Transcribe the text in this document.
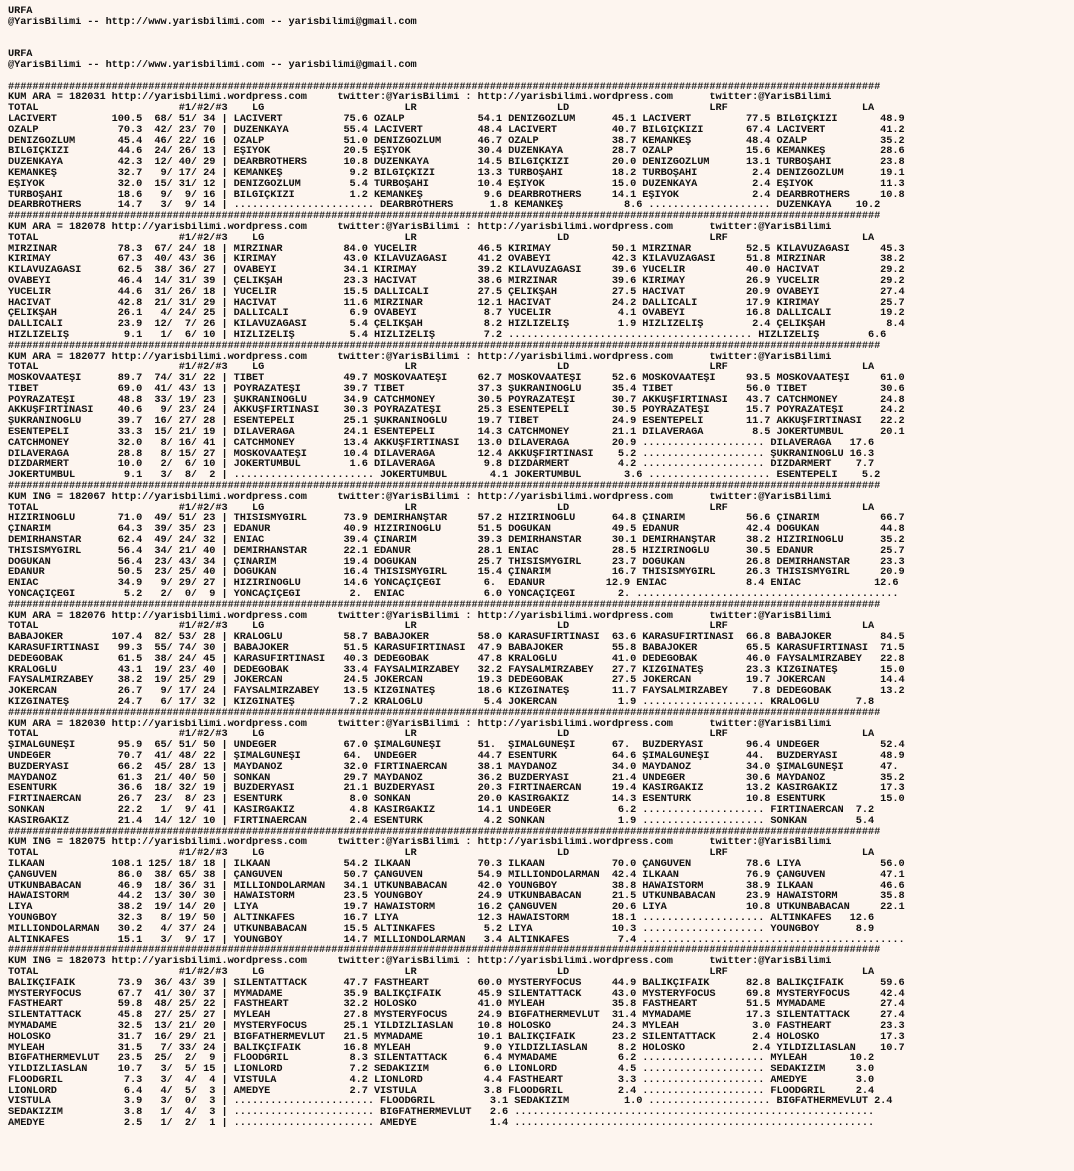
URFA
@YarisBilimi -- http://www.yarisbilimi.com -- yarisbilimi@gmail.com
URFA
@YarisBilimi -- http://www.yarisbilimi.com -- yarisbilimi@gmail.com
###############################################################################################################################################
KUM ARA = 182031 http://yarisbilimi.wordpress.com     twitter:@YarisBilimi : http://yarisbilimi.wordpress.com      twitter:@YarisBilimi
TOTAL                       #1/#2/#3    LG                       LR                       LD                       LRF                      LA
LACİVERT         100.5  68/ 51/ 34 | LACİVERT          75.6 ÖZALP            54.1 DENİZGÖZLÜM      45.1 LACİVERT         77.5 BİLGİÇKIZI       48.9
ÖZALP             70.3  42/ 23/ 70 | DÜZENKAYA         55.4 LACİVERT         48.4 LACİVERT         40.7 BİLGİÇKIZI       67.4 LACİVERT         41.2
DENİZGÖZLÜM       45.4  46/ 22/ 16 | ÖZALP             51.0 DENİZGÖZLÜM      46.7 ÖZALP            38.7 KEMANKEŞ         48.4 ÖZALP            35.2
BİLGİÇKIZI        44.6  24/ 26/ 13 | EŞİYOK            20.5 EŞİYOK           30.4 DÜZENKAYA        28.7 ÖZALP            15.6 KEMANKEŞ         28.6
DÜZENKAYA         42.3  12/ 40/ 29 | DEARBROTHERS      10.8 DÜZENKAYA        14.5 BİLGİÇKIZI       20.0 DENİZGÖZLÜM      13.1 TURBOŞAHİ        23.8
KEMANKEŞ          32.7   9/ 17/ 24 | KEMANKEŞ           9.2 BİLGİÇKIZI       13.3 TURBOŞAHİ        18.2 TURBOŞAHİ         2.4 DENİZGÖZLÜM      19.1
EŞİYOK            32.0  15/ 31/ 12 | DENİZGÖZLÜM        5.4 TURBOŞAHİ        10.4 EŞİYOK           15.0 DÜZENKAYA         2.4 EŞİYOK           11.3
TURBOŞAHİ         18.6   9/  9/ 16 | BİLGİÇKIZI         1.2 KEMANKEŞ          9.6 DEARBROTHERS     14.1 EŞİYOK            2.4 DEARBROTHERS     10.8
DEARBROTHERS      14.7   3/  9/ 14 | ....................... DEARBROTHERS      1.8 KEMANKEŞ          8.6 .................... DÜZENKAYA    10.2
###############################################################################################################################################
KUM ARA = 182078 http://yarisbilimi.wordpress.com     twitter:@YarisBilimi : http://yarisbilimi.wordpress.com      twitter:@YarisBilimi
TOTAL                       #1/#2/#3    LG                       LR                       LD                       LRF                      LA
MIRZINAR          78.3  67/ 24/ 18 | MIRZINAR          84.0 YÜCELİR          46.5 KIRIMAY          50.1 MIRZINAR         52.5 KILAVUZAĞASI     45.3
KIRIMAY           67.3  40/ 43/ 36 | KIRIMAY           43.0 KILAVUZAĞASI     41.2 OVABEYİ          42.3 KILAVUZAĞASI     51.8 MIRZINAR         38.2
KILAVUZAĞASI      62.5  38/ 36/ 27 | OVABEYİ           34.1 KIRIMAY          39.2 KILAVUZAĞASI     39.6 YÜCELİR          40.0 HACIVAT          29.2
OVABEYİ           46.4  14/ 31/ 39 | ÇELİKŞAH          23.3 HACIVAT          38.6 MIRZINAR         39.6 KIRIMAY          26.9 YÜCELİR          29.2
YÜCELİR           44.6  31/ 26/ 18 | YÜCELİR           15.5 DALLICALI        27.5 ÇELİKŞAH         27.5 HACIVAT          20.9 OVABEYİ          27.4
HACIVAT           42.8  21/ 31/ 29 | HACIVAT           11.6 MIRZINAR         12.1 HACIVAT          24.2 DALLICALI        17.9 KIRIMAY          25.7
ÇELİKŞAH          26.1   4/ 24/ 25 | DALLICALI          6.9 OVABEYİ           8.7 YÜCELİR           4.1 OVABEYİ          16.8 DALLICALI        19.2
DALLICALI         23.9  12/  7/ 26 | KILAVUZAĞASI       5.4 ÇELİKŞAH          8.2 HIZLIZELİŞ        1.9 HIZLIZELİŞ        2.4 ÇELİKŞAH          8.4
HIZLIZELİŞ         9.1   1/  6/ 10 | HIZLIZELİŞ         5.4 HIZLIZELİŞ        7.2 ........................................ HIZLIZELİŞ        6.6
###############################################################################################################################################
KUM ARA = 182077 http://yarisbilimi.wordpress.com     twitter:@YarisBilimi : http://yarisbilimi.wordpress.com      twitter:@YarisBilimi
TOTAL                       #1/#2/#3    LG                       LR                       LD                       LRF                      LA
MOSKOVAATEŞİ      89.7  74/ 31/ 22 | TİBET             49.7 MOSKOVAATEŞİ     62.7 MOSKOVAATEŞİ     52.6 MOSKOVAATEŞİ     93.5 MOSKOVAATEŞİ     61.0
TİBET             69.0  41/ 43/ 13 | POYRAZATEŞİ       39.7 TİBET            37.3 ŞÜKRANİNOĞLU     35.4 TİBET            56.0 TİBET            30.6
POYRAZATEŞİ       48.8  33/ 19/ 23 | ŞÜKRANİNOĞLU      34.9 CATCHMONEY       30.5 POYRAZATEŞİ      30.7 AKKUŞFIRTINASI   43.7 CATCHMONEY       24.8
AKKUŞFIRTINASI    40.6   9/ 23/ 24 | AKKUŞFIRTINASI    30.3 POYRAZATEŞİ      25.3 ESENTEPELİ       30.5 POYRAZATEŞİ      15.7 POYRAZATEŞİ      24.2
ŞÜKRANİNOĞLU      39.7  16/ 27/ 28 | ESENTEPELİ        25.1 ŞÜKRANİNOĞLU     19.7 TİBET            24.9 ESENTEPELİ       11.7 AKKUŞFIRTINASI   22.2
ESENTEPELİ        33.3  15/ 21/ 19 | DİLAVERAĞA        24.1 ESENTEPELİ       14.3 CATCHMONEY       21.1 DİLAVERAĞA        8.5 JOKERTUMBUL      20.1
CATCHMONEY        32.0   8/ 16/ 41 | CATCHMONEY        13.4 AKKUŞFIRTINASI   13.0 DİLAVERAĞA       20.9 .................... DİLAVERAĞA   17.6
DİLAVERAĞA        28.8   8/ 15/ 27 | MOSKOVAATEŞİ      10.4 DİLAVERAĞA       12.4 AKKUŞFIRTINASI    5.2 .................... ŞÜKRANİNOĞLU 16.3
DİZDARMERT        10.0   2/  6/ 10 | JOKERTUMBUL        1.6 DİLAVERAĞA        9.8 DİZDARMERT        4.2 .................... DİZDARMERT    7.7
JOKERTUMBUL        9.1   3/  8/  2 | ....................... JOKERTUMBUL       4.1 JOKERTUMBUL       3.6 .................... ESENTEPELİ    5.2
###############################################################################################################################################
KUM İNG = 182067 http://yarisbilimi.wordpress.com     twitter:@YarisBilimi : http://yarisbilimi.wordpress.com      twitter:@YarisBilimi
TOTAL                       #1/#2/#3    LG                       LR                       LD                       LRF                      LA
HIZIRINOĞLU       71.0  49/ 51/ 23 | THISISMYGIRL      73.9 DEMİRHANŞTAR     57.2 HIZIRINOĞLU      64.8 ÇINARIM          56.6 ÇINARIM          66.7
ÇINARIM           64.3  39/ 35/ 23 | EDANUR            40.9 HIZIRINOĞLU      51.5 DOĞUKAN          49.5 EDANUR           42.4 DOĞUKAN          44.8
DEMİRHANSTAR      62.4  49/ 24/ 32 | ENİAC             39.4 ÇINARIM          39.3 DEMİRHANSTAR     30.1 DEMİRHANŞTAR     38.2 HIZIRINOĞLU      35.2
THISISMYGIRL      56.4  34/ 21/ 40 | DEMİRHANSTAR      22.1 EDANUR           28.1 ENİAC            28.5 HIZIRINOĞLU      30.5 EDANUR           25.7
DOĞUKAN           56.4  23/ 43/ 34 | ÇINARIM           19.4 DOĞUKAN          25.7 THISISMYGIRL     23.7 DOĞUKAN          26.8 DEMİRHANSTAR     23.3
EDANUR            50.5  23/ 25/ 40 | DOĞUKAN           16.4 THISISMYGIRL     15.4 ÇINARIM          16.7 THISISMYGIRL     26.3 THISISMYGIRL     20.9
ENİAC             34.9   9/ 29/ 27 | HIZIRINOĞLU       14.6 YONCAÇİÇEĞİ       6.  EDANUR          12.9 ENİAC             8.4 ENİAC            12.6
YONCAÇİÇEĞİ        5.2   2/  0/  9 | YONCAÇİÇEĞİ        2.  ENİAC             6.0 YONCAÇİÇEĞİ       2. ...........................................
###############################################################################################################################################
KUM ARA = 182076 http://yarisbilimi.wordpress.com     twitter:@YarisBilimi : http://yarisbilimi.wordpress.com      twitter:@YarisBilimi
TOTAL                       #1/#2/#3    LG                       LR                       LD                       LRF                      LA
BABAJOKER        107.4  82/ 53/ 28 | KRALOĞLU          58.7 BABAJOKER        58.0 KARASUFIRTINASI  63.6 KARASUFIRTINASI  66.8 BABAJOKER        84.5
KARASUFIRTINASI   99.3  55/ 74/ 30 | BABAJOKER         51.5 KARASUFIRTINASI  47.9 BABAJOKER        55.8 BABAJOKER        65.5 KARASUFIRTINASI  71.5
DEDEGOBAK         61.5  38/ 24/ 45 | KARASUFIRTINASI   40.3 DEDEGOBAK        47.8 KRALOĞLU         41.0 DEDEGOBAK        46.0 FAYSALMİRZABEY   22.8
KRALOĞLU          43.1  19/ 23/ 40 | DEDEGOBAK         33.4 FAYSALMİRZABEY   32.2 FAYSALMİRZABEY   27.7 KIZGINATEŞ       23.3 KIZGINATEŞ       15.0
FAYSALMİRZABEY    38.2  19/ 25/ 29 | JOKERCAN          24.5 JOKERCAN         19.3 DEDEGOBAK        27.5 JOKERCAN         19.7 JOKERCAN         14.4
JOKERCAN          26.7   9/ 17/ 24 | FAYSALMİRZABEY    13.5 KIZGINATEŞ       18.6 KIZGINATEŞ       11.7 FAYSALMİRZABEY    7.8 DEDEGOBAK        13.2
KIZGINATEŞ        24.7   6/ 17/ 32 | KIZGINATEŞ         7.2 KRALOĞLU          5.4 JOKERCAN          1.9 .................... KRALOĞLU      7.8
###############################################################################################################################################
KUM ARA = 182030 http://yarisbilimi.wordpress.com     twitter:@YarisBilimi : http://yarisbilimi.wordpress.com      twitter:@YarisBilimi
TOTAL                       #1/#2/#3    LG                       LR                       LD                       LRF                      LA
ŞİMALGÜNEŞİ       95.9  65/ 51/ 50 | ÜNDEĞER           67.0 ŞİMALGÜNEŞİ      51.  ŞİMALGÜNEŞİ      67.  BUZDERYASI       96.4 ÜNDEĞER          52.4
ÜNDEĞER           70.7  41/ 48/ 22 | ŞİMALGÜNEŞİ       64.  ÜNDEĞER          44.7 ESENTÜRK         64.6 ŞİMALGÜNEŞİ      44.  BUZDERYASI       48.9
BUZDERYASI        66.2  45/ 28/ 13 | MAYDANOZ          32.0 FIRTINAERCAN     38.1 MAYDANOZ         34.0 MAYDANOZ         34.0 ŞİMALGÜNEŞİ      47.
MAYDANOZ          61.3  21/ 40/ 50 | SONKAN            29.7 MAYDANOZ         36.2 BUZDERYASI       21.4 ÜNDEĞER          30.6 MAYDANOZ         35.2
ESENTÜRK          36.6  18/ 32/ 19 | BUZDERYASI        21.1 BUZDERYASI       20.3 FIRTINAERCAN     19.4 KASIRGAKIZ       13.2 KASIRGAKIZ       17.3
FIRTINAERCAN      26.7  23/  8/ 23 | ESENTÜRK           8.0 SONKAN           20.0 KASIRGAKIZ       14.3 ESENTÜRK         10.8 ESENTÜRK         15.0
SONKAN            22.2   1/  9/ 41 | KASIRGAKIZ         4.8 KASIRGAKIZ       14.1 ÜNDEĞER           6.2 .................... FIRTINAERCAN  7.2
KASIRGAKIZ        21.4  14/ 12/ 10 | FIRTINAERCAN       2.4 ESENTÜRK          4.2 SONKAN            1.9 .................... SONKAN        5.4
###############################################################################################################################################
KUM İNG = 182075 http://yarisbilimi.wordpress.com     twitter:@YarisBilimi : http://yarisbilimi.wordpress.com      twitter:@YarisBilimi
TOTAL                       #1/#2/#3    LG                       LR                       LD                       LRF                      LA
İLKAAN           108.1 125/ 18/ 18 | İLKAAN            54.2 İLKAAN           70.3 İLKAAN           70.0 ÇANGUVEN         78.6 LİYA             56.0
ÇANGUVEN          86.0  38/ 65/ 38 | ÇANGUVEN          50.7 ÇANGUVEN         54.9 MILLIONDOLARMAN  42.4 İLKAAN           76.9 ÇANGUVEN         47.1
UTKUNBABACAN      46.9  18/ 36/ 31 | MILLIONDOLARMAN   34.1 UTKUNBABACAN     42.0 YOUNGBOY         38.8 HAWAISTORM       38.9 İLKAAN           46.6
HAWAISTORM        44.2  13/ 30/ 30 | HAWAISTORM        23.5 YOUNGBOY         24.9 UTKUNBABACAN     21.5 UTKUNBABACAN     23.9 HAWAISTORM       35.8
LİYA              38.2  19/ 14/ 20 | LİYA              19.7 HAWAISTORM       16.2 ÇANGUVEN         20.6 LİYA             10.8 UTKUNBABACAN     22.1
YOUNGBOY          32.3   8/ 19/ 50 | ALTINKAFES        16.7 LİYA             12.3 HAWAISTORM       18.1 .................... ALTINKAFES   12.6
MILLIONDOLARMAN   30.2   4/ 37/ 24 | UTKUNBABACAN      15.5 ALTINKAFES        5.2 LİYA             10.3 .................... YOUNGBOY      8.9
ALTINKAFES        15.1   3/  9/ 17 | YOUNGBOY          14.7 MILLIONDOLARMAN   3.4 ALTINKAFES        7.4 ...........................................
###############################################################################################################################################
KUM İNG = 182073 http://yarisbilimi.wordpress.com     twitter:@YarisBilimi : http://yarisbilimi.wordpress.com      twitter:@YarisBilimi
TOTAL                       #1/#2/#3    LG                       LR                       LD                       LRF                      LA
BALIKÇIFAİK       73.9  36/ 43/ 39 | SILENTATTACK      47.7 FASTHEART        60.0 MYSTERYFOCUS     44.9 BALIKÇIFAİK      82.8 BALIKÇIFAİK      59.6
MYSTERYFOCUS      67.7  41/ 30/ 37 | MYMADAME          35.9 BALIKÇIFAİK      45.9 SILENTATTACK     43.0 MYSTERYFOCUS     69.8 MYSTERYFOCUS     42.4
FASTHEART         59.8  48/ 25/ 22 | FASTHEART         32.2 HOLOSKO          41.0 MYLEAH           35.8 FASTHEART        51.5 MYMADAME         27.4
SILENTATTACK      45.8  27/ 25/ 27 | MYLEAH            27.8 MYSTERYFOCUS     24.9 BIGFATHERMEVLÜT  31.4 MYMADAME         17.3 SILENTATTACK     27.4
MYMADAME          32.5  13/ 21/ 20 | MYSTERYFOCUS      25.1 YILDIZLIASLAN    10.8 HOLOSKO          24.3 MYLEAH            3.0 FASTHEART        23.3
HOLOSKO           31.7  16/ 29/ 21 | BIGFATHERMEVLÜT   21.5 MYMADAME         10.1 BALIKÇIFAİK      23.2 SILENTATTACK      2.4 HOLOSKO          17.3
MYLEAH            31.5   7/ 33/ 24 | BALIKÇIFAİK       16.8 MYLEAH            9.0 YILDIZLIASLAN     8.2 HOLOSKO           2.4 YILDIZLIASLAN    10.7
BIGFATHERMEVLÜT   23.5  25/  2/  9 | FLOODGRIL          8.3 SILENTATTACK      6.4 MYMADAME          6.2 .................... MYLEAH       10.2
YILDIZLIASLAN     10.7   3/  5/ 15 | LİONLORD           7.2 SEDAKIZIM         6.0 LİONLORD          4.5 .................... SEDAKIZIM     3.0
FLOODGRIL          7.3   3/  4/  4 | VİSTULA            4.2 LİONLORD          4.4 FASTHEART         3.3 .................... AMEDYE        3.0
LİONLORD           6.4   4/  5/  3 | AMEDYE             2.7 VİSTULA           3.8 FLOODGRIL         2.4 .................... FLOODGRIL     2.4
VİSTULA            3.9   3/  0/  3 | ....................... FLOODGRIL         3.1 SEDAKIZIM         1.0 .................... BIGFATHERMEVLÜT 2.4
SEDAKIZIM          3.8   1/  4/  3 | ....................... BIGFATHERMEVLÜT   2.6 ...........................................................
AMEDYE             2.5   1/  2/  1 | ....................... AMEDYE            1.4 ...........................................................
